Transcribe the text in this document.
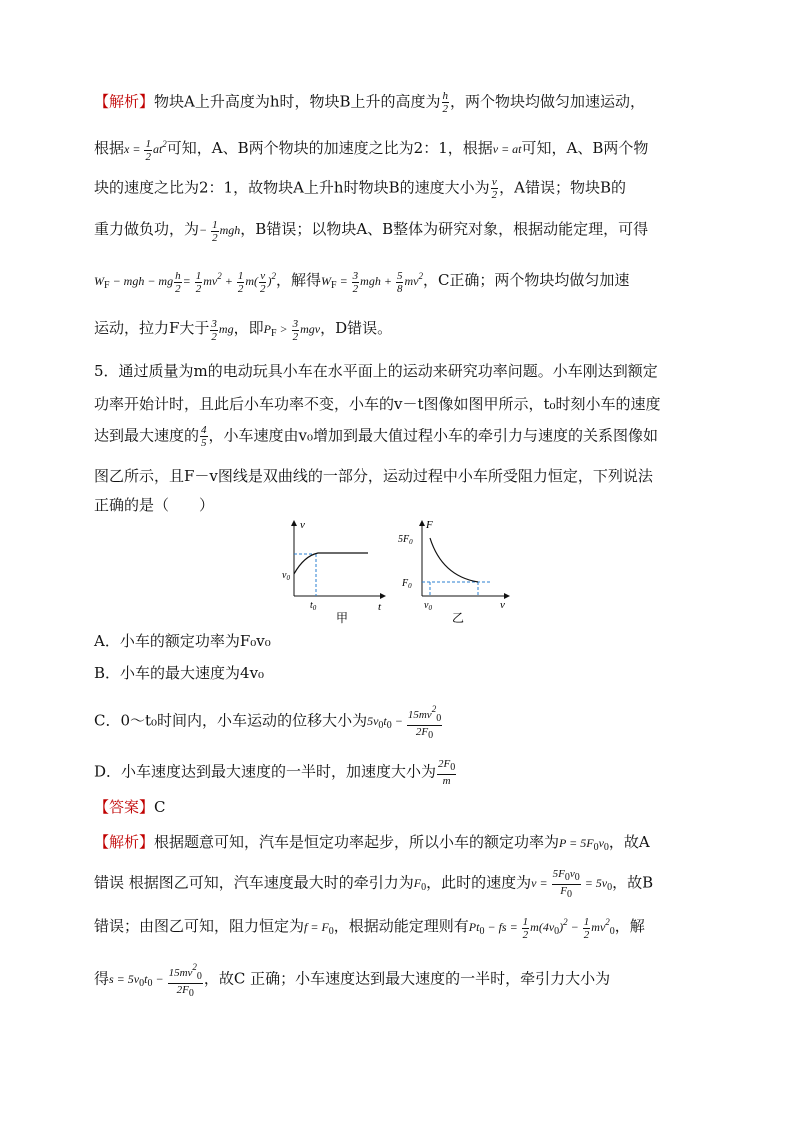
【解析】物块A上升高度为h时，物块B上升的高度为 $\frac{h}{2}$ ，两个物块均做匀加速运动，
根据$x = \frac{1}{2} at^2$可知，A、B两个物块的加速度之比为2：1，根据v = at可知，A、B两个物
块的速度之比为2：1，故物块A上升h时物块B的速度大小为 $\frac{v}{2}$ ，A错误；物块B的
重力做负功，为− $\frac{1}{2}$ mgh，B错误；以物块A、B整体为研究对象，根据动能定理，可得
$W_F$ − mgh − mg $\frac{h}{2} = \frac{1}{2} mv^2 + \frac{1}{2} m( \frac{v}{2} )^2$，解得$W_F = \frac{3}{2}$ mgh + $\frac{5}{8} mv^2$，C正确；两个物块均做匀加速
运动，拉力F大于 $\frac{3}{2}$ mg，即$P_F > \frac{3}{2}$ mgv，D错误。
5．通过质量为m的电动玩具小车在水平面上的运动来研究功率问题。小车刚达到额定
功率开始计时，且此后小车功率不变，小车的v－t图像如图甲所示，t₀时刻小车的速度
达到最大速度的 $\frac{4}{5}$ ，小车速度由v₀增加到最大值过程小车的牵引力与速度的关系图像如
图乙所示，且F－v图线是双曲线的一部分，运动过程中小车所受阻力恒定，下列说法
正确的是（　　）
v
t
$v_0$
$t_0$
甲
F
v
$5F_0$
$F_0$
$v_0$
乙
A．小车的额定功率为F₀v₀
B．小车的最大速度为4v₀
C．0～t₀时间内，小车运动的位移大小为$5v_0t_0 - \frac{15mv^20}{2F0}$
D．小车速度达到最大速度的一半时，加速度大小为 $\frac{2F0}{m}$
【答案】C
【解析】根据题意可知，汽车是恒定功率起步，所以小车的额定功率为$P = 5F_0v_0$，故A
错误 根据图乙可知，汽车速度最大时的牵引力为$F_0$，此时的速度为$v = \frac{5F0v0}{F0} = 5v_0$，故B
错误；由图乙可知，阻力恒定为$f = F_0$，根据动能定理则有$Pt_0$ − fs = $\frac{1}{2} m(4v_0)^2 - \frac{1}{2} mv^2_0$，解
得$s = 5v_0t_0 - \frac{15mv^20}{2F0}$ ，故C 正确；小车速度达到最大速度的一半时，牵引力大小为
